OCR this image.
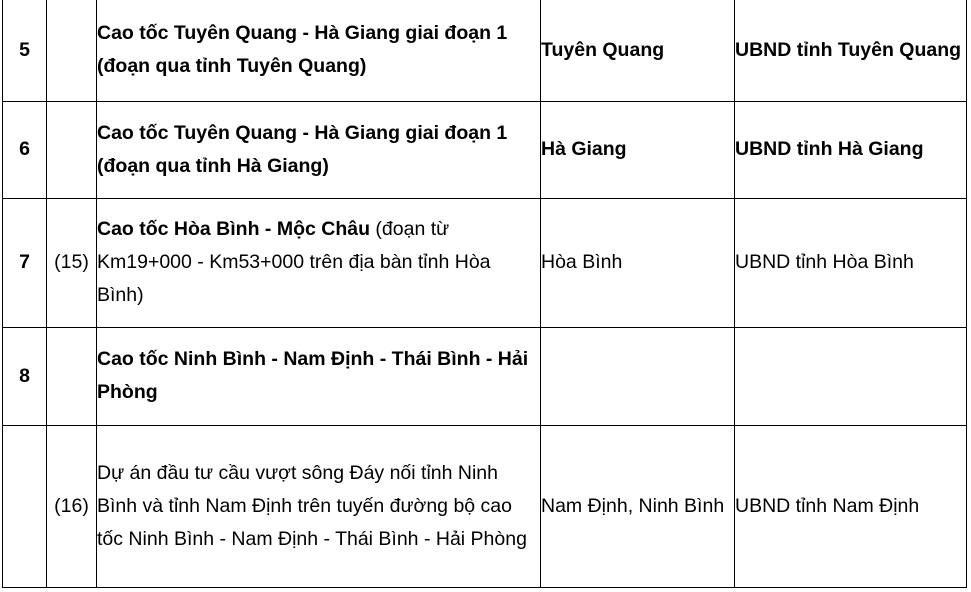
5		Cao tốc Tuyên Quang - Hà Giang giai đoạn 1 (đoạn qua tỉnh Tuyên Quang)	Tuyên Quang	UBND tỉnh Tuyên Quang
6		Cao tốc Tuyên Quang - Hà Giang giai đoạn 1 (đoạn qua tỉnh Hà Giang)	Hà Giang	UBND tỉnh Hà Giang
7	(15)	Cao tốc Hòa Bình - Mộc Châu (đoạn từ Km19+000 - Km53+000 trên địa bàn tỉnh Hòa Bình)	Hòa Bình	UBND tỉnh Hòa Bình
8		Cao tốc Ninh Bình - Nam Định - Thái Bình - Hải Phòng		
	(16)	Dự án đầu tư cầu vượt sông Đáy nối tỉnh Ninh Bình và tỉnh Nam Định trên tuyến đường bộ cao tốc Ninh Bình - Nam Định - Thái Bình - Hải Phòng	Nam Định, Ninh Bình	UBND tỉnh Nam Định
